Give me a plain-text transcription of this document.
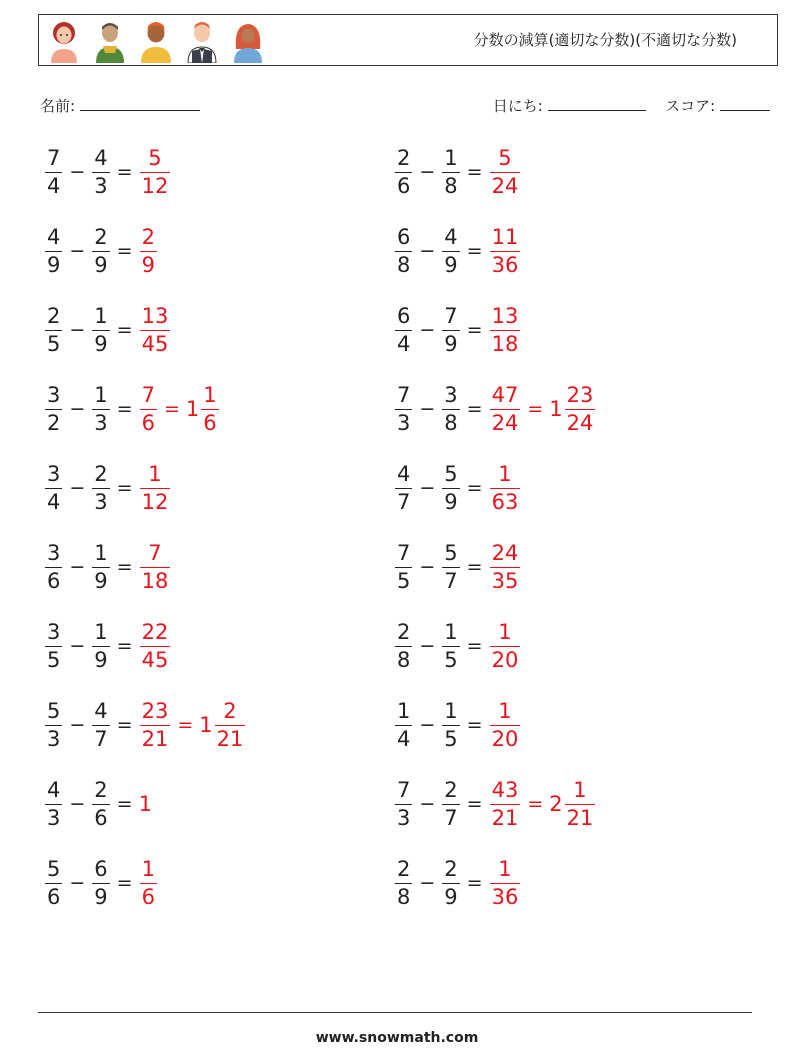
分数の減算(適切な分数)(不適切な分数)
名前:	日にち:	スコア:
$\frac{7}{4} - \frac{4}{3} = \frac{5}{12}$	$\frac{2}{6} - \frac{1}{8} = \frac{5}{24}$
$\frac{4}{9} - \frac{2}{9} = \frac{2}{9}$	$\frac{6}{8} - \frac{4}{9} = \frac{11}{36}$
$\frac{2}{5} - \frac{1}{9} = \frac{13}{45}$	$\frac{6}{4} - \frac{7}{9} = \frac{13}{18}$
$\frac{3}{2} - \frac{1}{3} = \frac{7}{6} = 1 \frac{1}{6}$	$\frac{7}{3} - \frac{3}{8} = \frac{47}{24} = 1 \frac{23}{24}$
$\frac{3}{4} - \frac{2}{3} = \frac{1}{12}$	$\frac{4}{7} - \frac{5}{9} = \frac{1}{63}$
$\frac{3}{6} - \frac{1}{9} = \frac{7}{18}$	$\frac{7}{5} - \frac{5}{7} = \frac{24}{35}$
$\frac{3}{5} - \frac{1}{9} = \frac{22}{45}$	$\frac{2}{8} - \frac{1}{5} = \frac{1}{20}$
$\frac{5}{3} - \frac{4}{7} = \frac{23}{21} = 1 \frac{2}{21}$	$\frac{1}{4} - \frac{1}{5} = \frac{1}{20}$
$\frac{4}{3} - \frac{2}{6} = 1$	$\frac{7}{3} - \frac{2}{7} = \frac{43}{21} = 2 \frac{1}{21}$
$\frac{5}{6} - \frac{6}{9} = \frac{1}{6}$	$\frac{2}{8} - \frac{2}{9} = \frac{1}{36}$
www.snowmath.com
